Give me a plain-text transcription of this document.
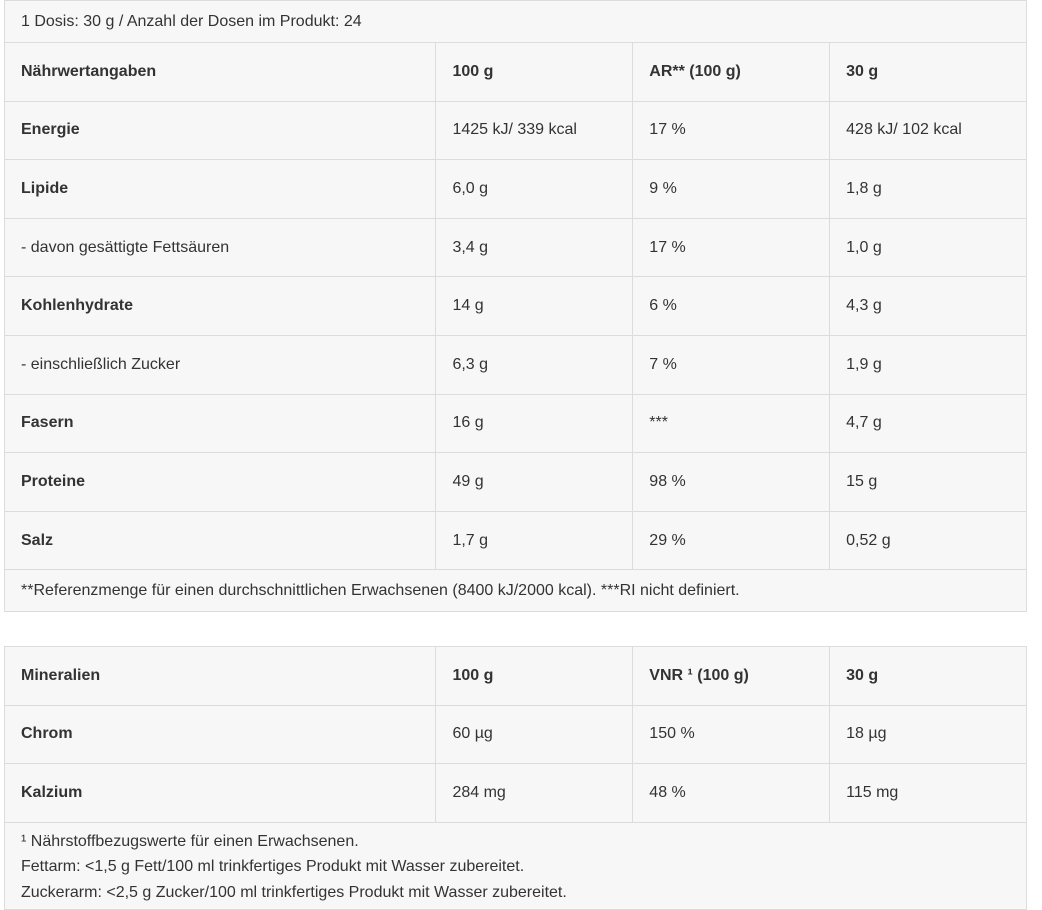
1 Dosis: 30 g / Anzahl der Dosen im Produkt: 24			
Nährwertangaben	100 g	AR** (100 g)	30 g
Energie	1425 kJ/ 339 kcal	17 %	428 kJ/ 102 kcal
Lipide	6,0 g	9 %	1,8 g
- davon gesättigte Fettsäuren	3,4 g	17 %	1,0 g
Kohlenhydrate	14 g	6 %	4,3 g
- einschließlich Zucker	6,3 g	7 %	1,9 g
Fasern	16 g	***	4,7 g
Proteine	49 g	98 %	15 g
Salz	1,7 g	29 %	0,52 g
**Referenzmenge für einen durchschnittlichen Erwachsenen (8400 kJ/2000 kcal). ***RI nicht definiert.			
Mineralien	100 g	VNR ¹ (100 g)	30 g
Chrom	60 µg	150 %	18 µg
Kalzium	284 mg	48 %	115 mg

¹ Nährstoffbezugswerte für einen Erwachsenen.
Fettarm: <1,5 g Fett/100 ml trinkfertiges Produkt mit Wasser zubereitet.
Zuckerarm: <2,5 g Zucker/100 ml trinkfertiges Produkt mit Wasser zubereitet.			
